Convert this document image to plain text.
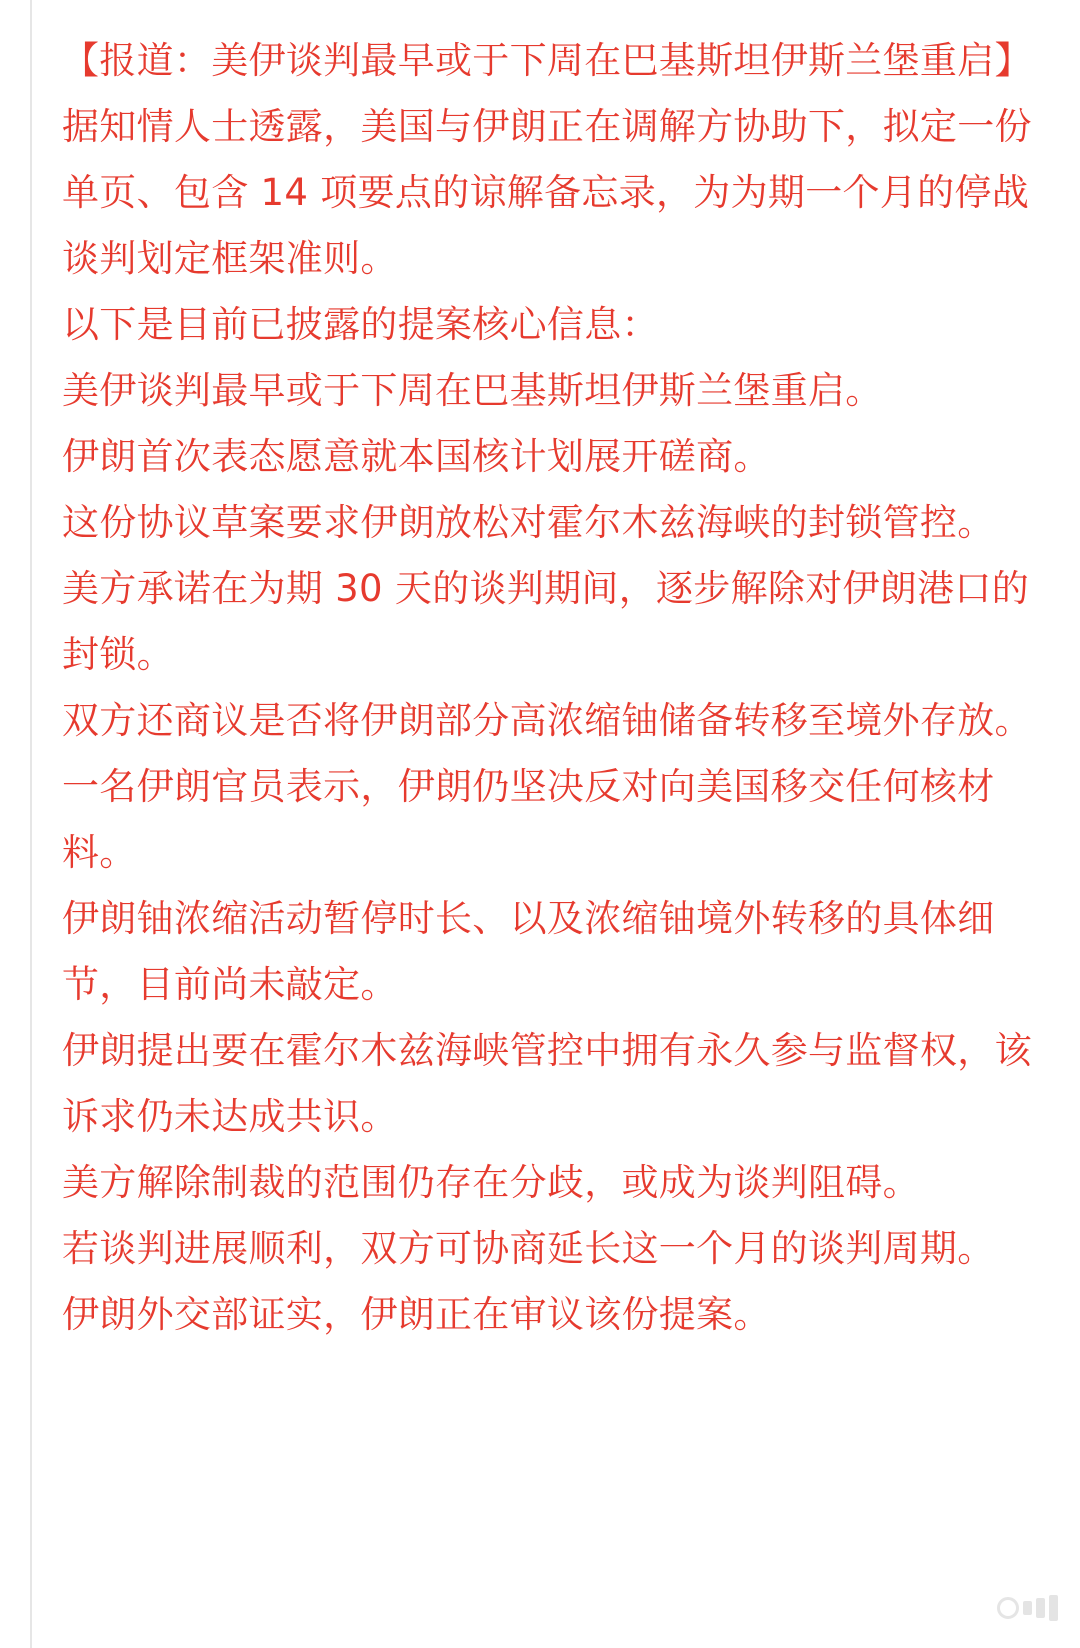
【报道：美伊谈判最早或于下周在巴基斯坦伊斯兰堡重启】据知情人士透露，美国与伊朗正在调解方协助下，拟定一份单页、包含 14 项要点的谅解备忘录，为为期一个月的停战谈判划定框架准则。

以下是目前已披露的提案核心信息：

美伊谈判最早或于下周在巴基斯坦伊斯兰堡重启。

伊朗首次表态愿意就本国核计划展开磋商。

这份协议草案要求伊朗放松对霍尔木兹海峡的封锁管控。

美方承诺在为期 30 天的谈判期间，逐步解除对伊朗港口的封锁。

双方还商议是否将伊朗部分高浓缩铀储备转移至境外存放。

一名伊朗官员表示，伊朗仍坚决反对向美国移交任何核材料。

伊朗铀浓缩活动暂停时长、以及浓缩铀境外转移的具体细节，目前尚未敲定。

伊朗提出要在霍尔木兹海峡管控中拥有永久参与监督权，该诉求仍未达成共识。

美方解除制裁的范围仍存在分歧，或成为谈判阻碍。

若谈判进展顺利，双方可协商延长这一个月的谈判周期。

伊朗外交部证实，伊朗正在审议该份提案。
